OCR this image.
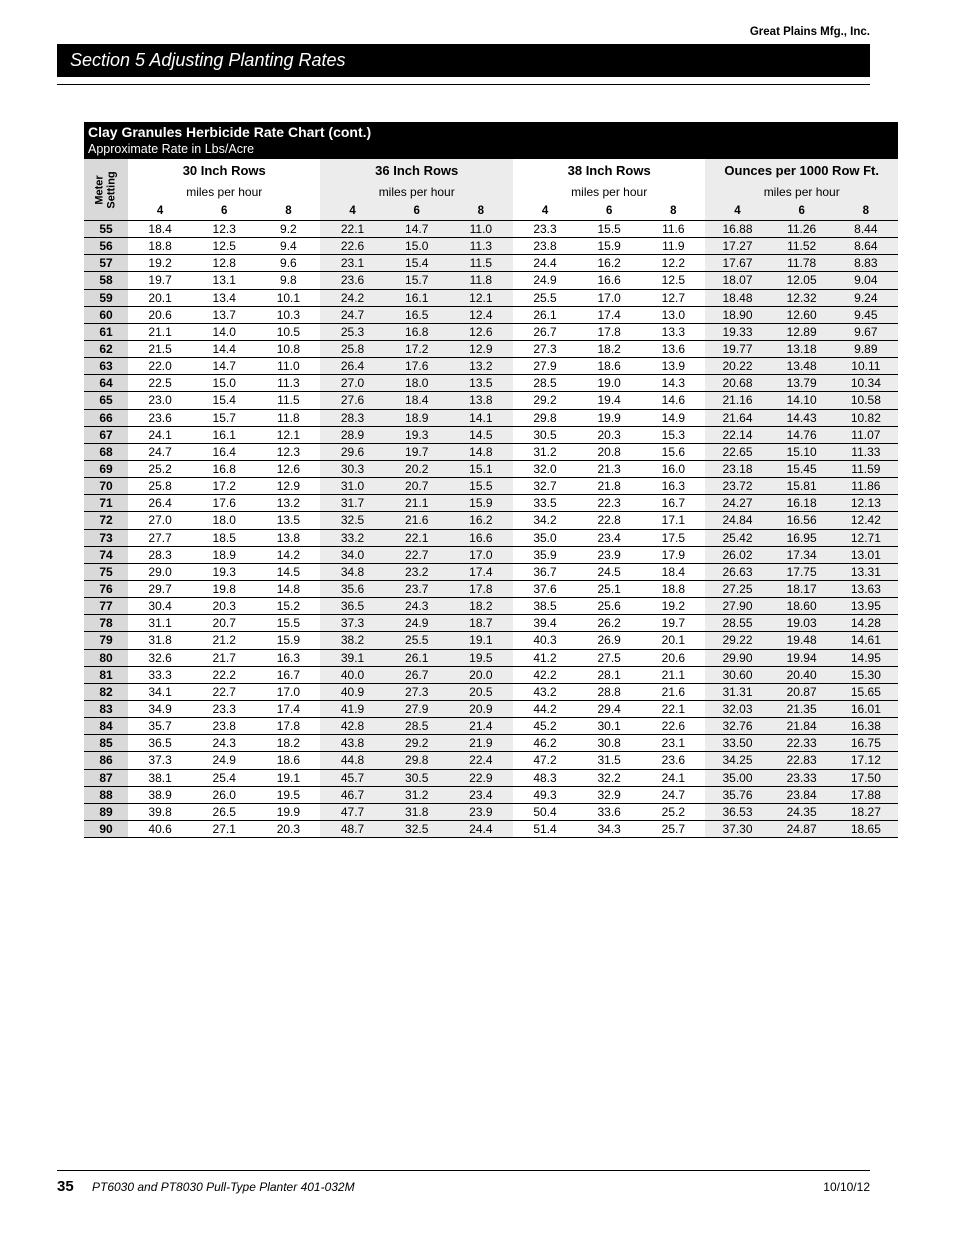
Great Plains Mfg., Inc.
Section 5 Adjusting Planting Rates
Clay Granules Herbicide Rate Chart (cont.)
Approximate Rate in Lbs/Acre
Meter
Setting	30 Inch Rows			36 Inch Rows			38 Inch Rows			Ounces per 1000 Row Ft.		
	miles per hour			miles per hour			miles per hour			miles per hour		
	4	6	8	4	6	8	4	6	8	4	6	8
55	18.4	12.3	9.2	22.1	14.7	11.0	23.3	15.5	11.6	16.88	11.26	8.44
56	18.8	12.5	9.4	22.6	15.0	11.3	23.8	15.9	11.9	17.27	11.52	8.64
57	19.2	12.8	9.6	23.1	15.4	11.5	24.4	16.2	12.2	17.67	11.78	8.83
58	19.7	13.1	9.8	23.6	15.7	11.8	24.9	16.6	12.5	18.07	12.05	9.04
59	20.1	13.4	10.1	24.2	16.1	12.1	25.5	17.0	12.7	18.48	12.32	9.24
60	20.6	13.7	10.3	24.7	16.5	12.4	26.1	17.4	13.0	18.90	12.60	9.45
61	21.1	14.0	10.5	25.3	16.8	12.6	26.7	17.8	13.3	19.33	12.89	9.67
62	21.5	14.4	10.8	25.8	17.2	12.9	27.3	18.2	13.6	19.77	13.18	9.89
63	22.0	14.7	11.0	26.4	17.6	13.2	27.9	18.6	13.9	20.22	13.48	10.11
64	22.5	15.0	11.3	27.0	18.0	13.5	28.5	19.0	14.3	20.68	13.79	10.34
65	23.0	15.4	11.5	27.6	18.4	13.8	29.2	19.4	14.6	21.16	14.10	10.58
66	23.6	15.7	11.8	28.3	18.9	14.1	29.8	19.9	14.9	21.64	14.43	10.82
67	24.1	16.1	12.1	28.9	19.3	14.5	30.5	20.3	15.3	22.14	14.76	11.07
68	24.7	16.4	12.3	29.6	19.7	14.8	31.2	20.8	15.6	22.65	15.10	11.33
69	25.2	16.8	12.6	30.3	20.2	15.1	32.0	21.3	16.0	23.18	15.45	11.59
70	25.8	17.2	12.9	31.0	20.7	15.5	32.7	21.8	16.3	23.72	15.81	11.86
71	26.4	17.6	13.2	31.7	21.1	15.9	33.5	22.3	16.7	24.27	16.18	12.13
72	27.0	18.0	13.5	32.5	21.6	16.2	34.2	22.8	17.1	24.84	16.56	12.42
73	27.7	18.5	13.8	33.2	22.1	16.6	35.0	23.4	17.5	25.42	16.95	12.71
74	28.3	18.9	14.2	34.0	22.7	17.0	35.9	23.9	17.9	26.02	17.34	13.01
75	29.0	19.3	14.5	34.8	23.2	17.4	36.7	24.5	18.4	26.63	17.75	13.31
76	29.7	19.8	14.8	35.6	23.7	17.8	37.6	25.1	18.8	27.25	18.17	13.63
77	30.4	20.3	15.2	36.5	24.3	18.2	38.5	25.6	19.2	27.90	18.60	13.95
78	31.1	20.7	15.5	37.3	24.9	18.7	39.4	26.2	19.7	28.55	19.03	14.28
79	31.8	21.2	15.9	38.2	25.5	19.1	40.3	26.9	20.1	29.22	19.48	14.61
80	32.6	21.7	16.3	39.1	26.1	19.5	41.2	27.5	20.6	29.90	19.94	14.95
81	33.3	22.2	16.7	40.0	26.7	20.0	42.2	28.1	21.1	30.60	20.40	15.30
82	34.1	22.7	17.0	40.9	27.3	20.5	43.2	28.8	21.6	31.31	20.87	15.65
83	34.9	23.3	17.4	41.9	27.9	20.9	44.2	29.4	22.1	32.03	21.35	16.01
84	35.7	23.8	17.8	42.8	28.5	21.4	45.2	30.1	22.6	32.76	21.84	16.38
85	36.5	24.3	18.2	43.8	29.2	21.9	46.2	30.8	23.1	33.50	22.33	16.75
86	37.3	24.9	18.6	44.8	29.8	22.4	47.2	31.5	23.6	34.25	22.83	17.12
87	38.1	25.4	19.1	45.7	30.5	22.9	48.3	32.2	24.1	35.00	23.33	17.50
88	38.9	26.0	19.5	46.7	31.2	23.4	49.3	32.9	24.7	35.76	23.84	17.88
89	39.8	26.5	19.9	47.7	31.8	23.9	50.4	33.6	25.2	36.53	24.35	18.27
90	40.6	27.1	20.3	48.7	32.5	24.4	51.4	34.3	25.7	37.30	24.87	18.65
35 PT6030 and PT8030 Pull-Type Planter 401-032M	10/10/12
